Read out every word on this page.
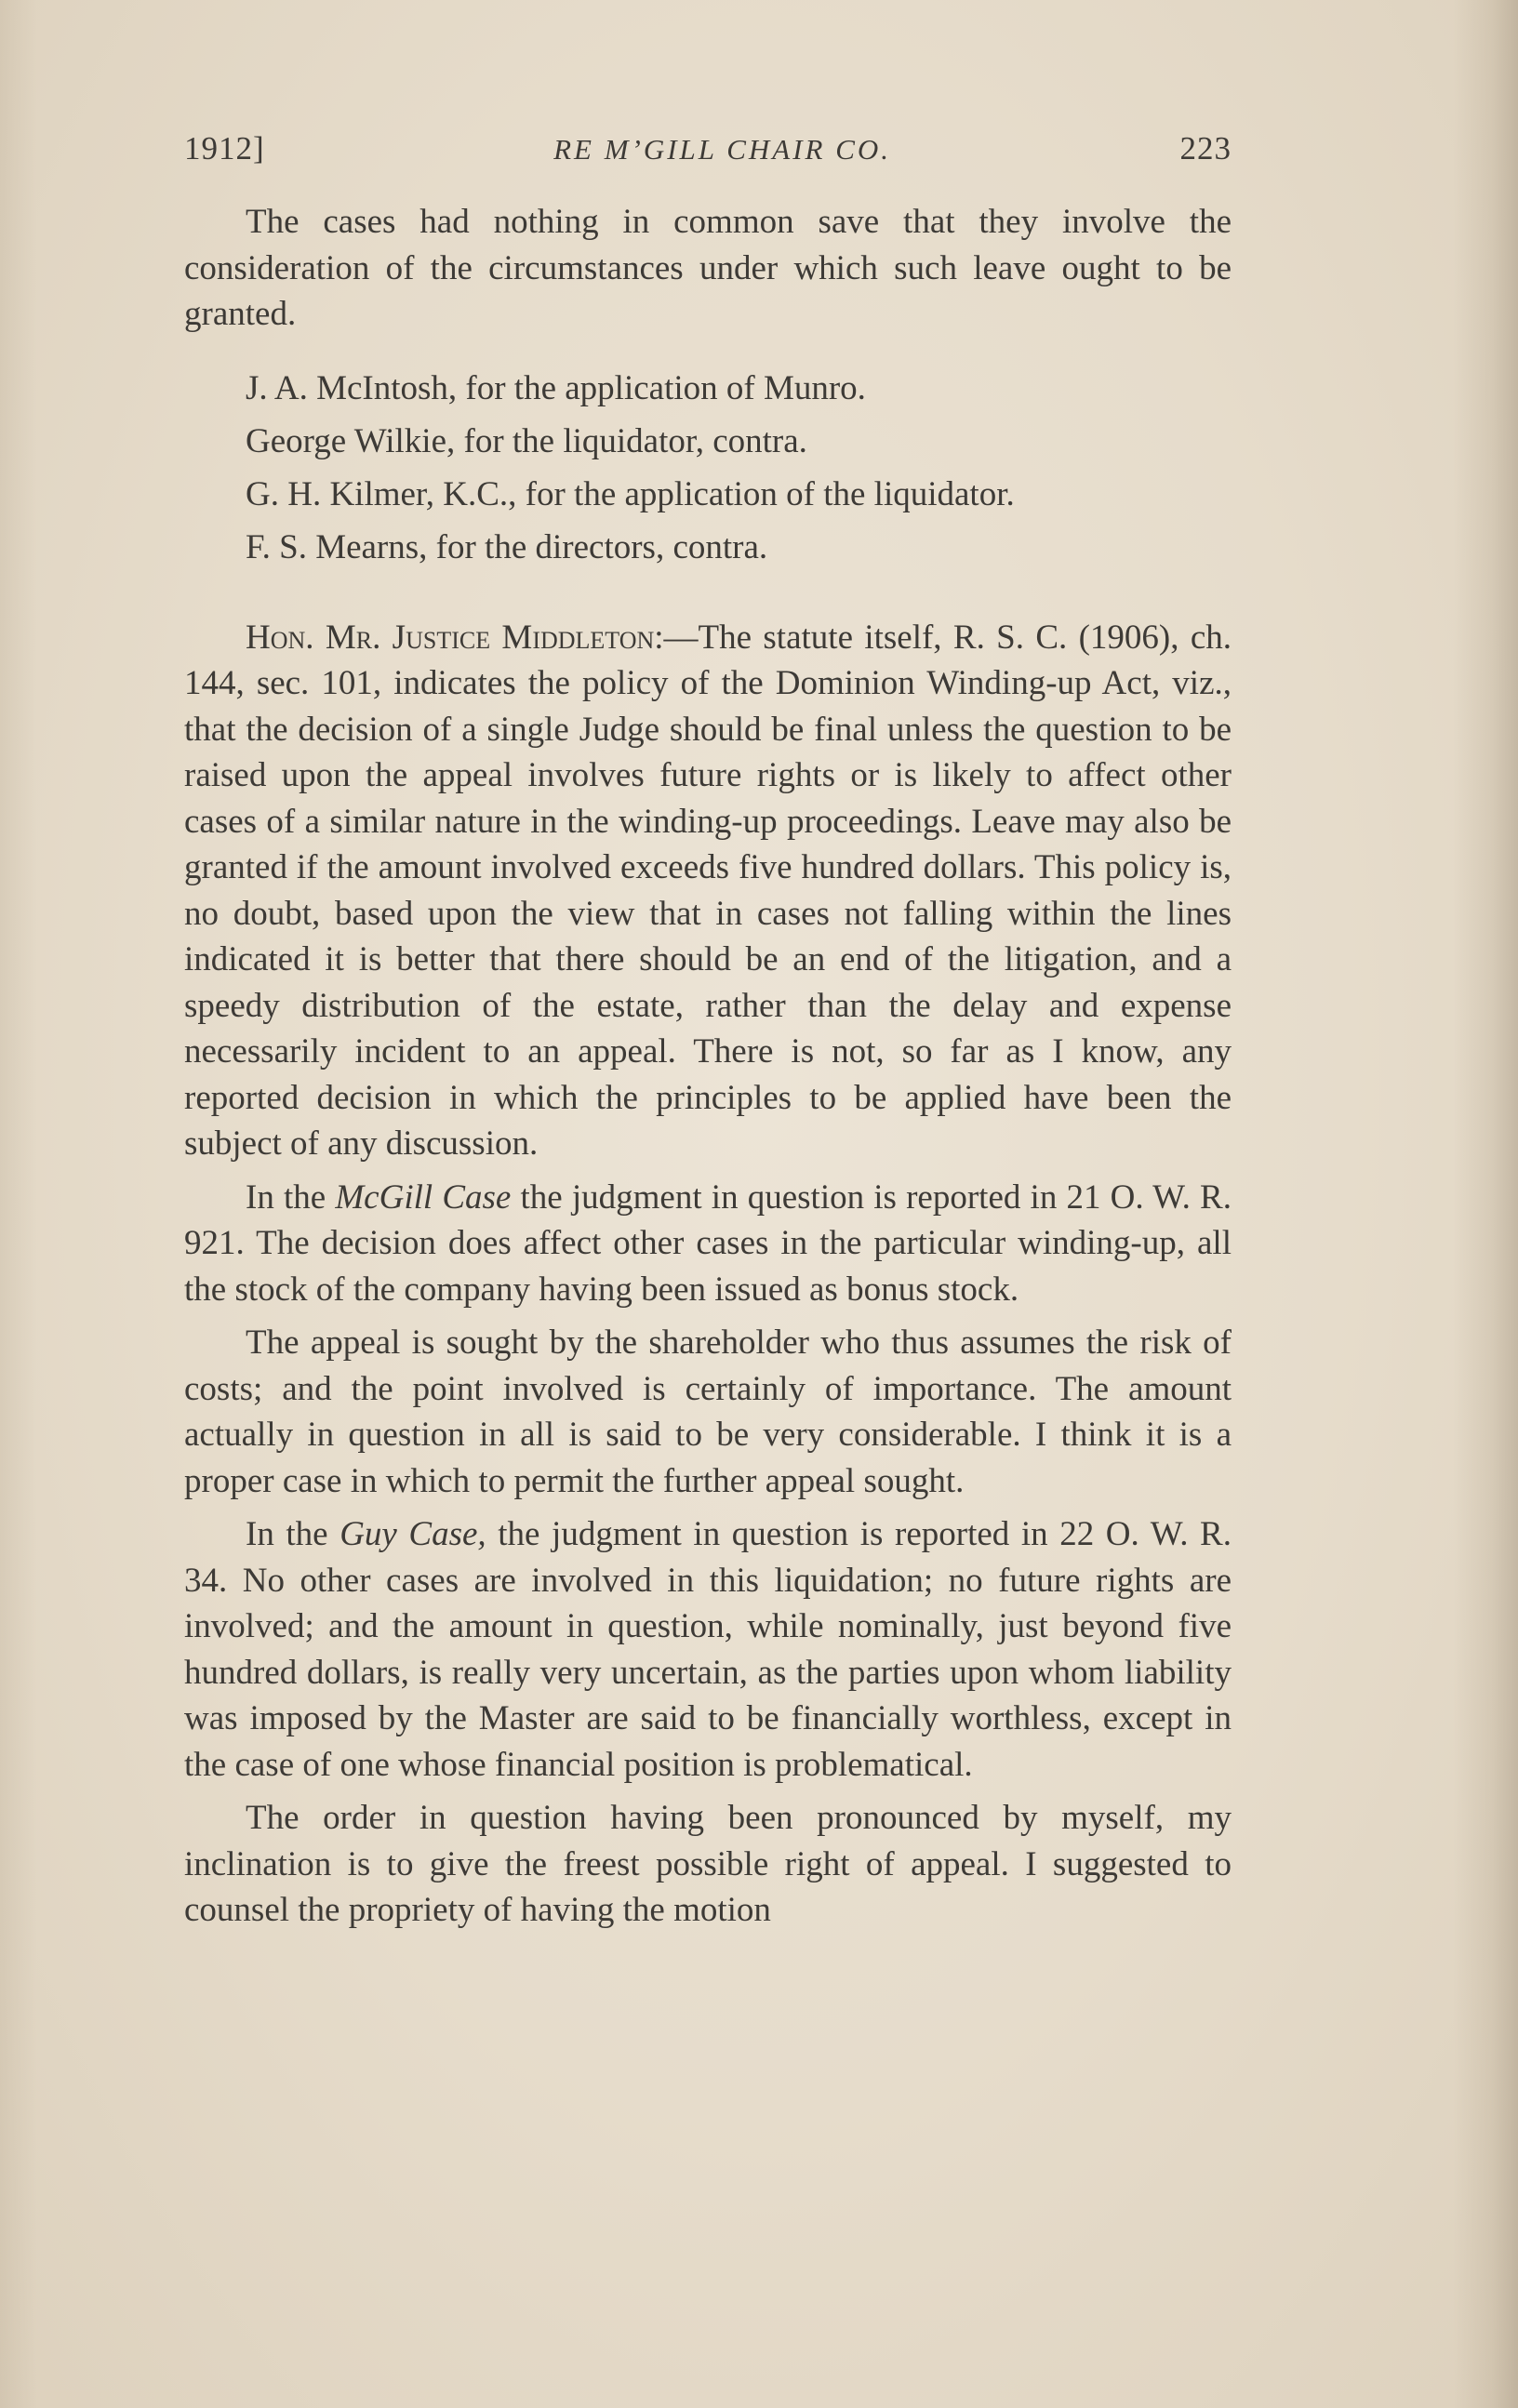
1912]	RE M’GILL CHAIR CO.	223

The cases had nothing in common save that they involve the consideration of the circumstances under which such leave ought to be granted.

J. A. McIntosh, for the application of Munro.

George Wilkie, for the liquidator, contra.

G. H. Kilmer, K.C., for the application of the liquidator.

F. S. Mearns, for the directors, contra.

Hon. Mr. Justice Middleton:—The statute itself, R. S. C. (1906), ch. 144, sec. 101, indicates the policy of the Dominion Winding-up Act, viz., that the decision of a single Judge should be final unless the question to be raised upon the appeal involves future rights or is likely to affect other cases of a similar nature in the winding-up proceedings. Leave may also be granted if the amount involved exceeds five hundred dollars. This policy is, no doubt, based upon the view that in cases not falling within the lines indicated it is better that there should be an end of the litigation, and a speedy distribution of the estate, rather than the delay and expense necessarily incident to an appeal. There is not, so far as I know, any reported decision in which the principles to be applied have been the subject of any discussion.

In the McGill Case the judgment in question is reported in 21 O. W. R. 921. The decision does affect other cases in the particular winding-up, all the stock of the company having been issued as bonus stock.

The appeal is sought by the shareholder who thus assumes the risk of costs; and the point involved is certainly of importance. The amount actually in question in all is said to be very considerable. I think it is a proper case in which to permit the further appeal sought.

In the Guy Case, the judgment in question is reported in 22 O. W. R. 34. No other cases are involved in this liquidation; no future rights are involved; and the amount in question, while nominally, just beyond five hundred dollars, is really very uncertain, as the parties upon whom liability was imposed by the Master are said to be financially worthless, except in the case of one whose financial position is problematical.

The order in question having been pronounced by myself, my inclination is to give the freest possible right of appeal. I suggested to counsel the propriety of having the motion
